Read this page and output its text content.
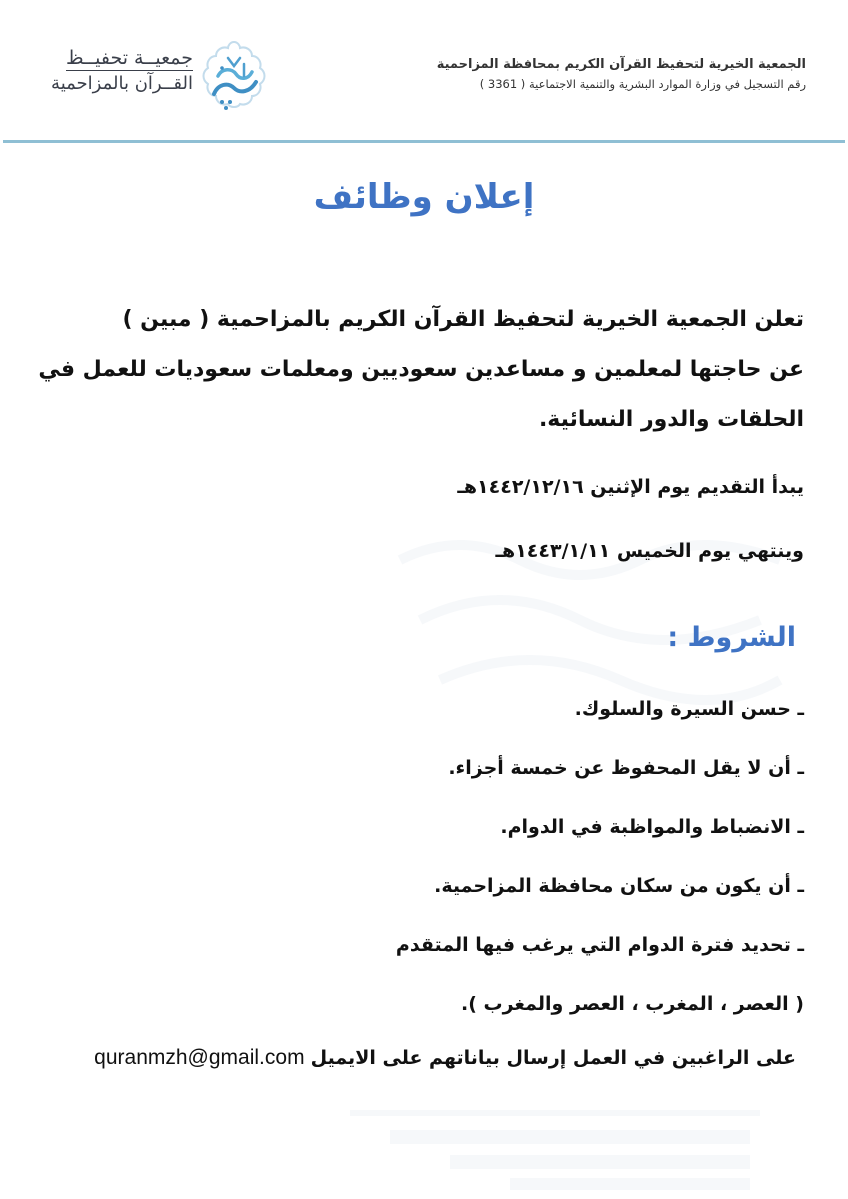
جمعيــة تحفيــظ
القــرآن بالمزاحمية
الجمعية الخيرية لتحفيظ القرآن الكريم بمحافظة المزاحمية
رقم التسجيل في وزارة الموارد البشرية والتنمية الاجتماعية ( 3361 )
إعلان وظائف
تعلن الجمعية الخيرية لتحفيظ القرآن الكريم بالمزاحمية ( مبين )
عن حاجتها لمعلمين و مساعدين سعوديين ومعلمات سعوديات للعمل في
الحلقات والدور النسائية.
يبدأ التقديم يوم الإثنين ١٤٤٢/١٢/١٦هـ
وينتهي يوم الخميس ١٤٤٣/١/١١هـ
الشروط :
ـ حسن السيرة والسلوك.
ـ أن لا يقل المحفوظ عن خمسة أجزاء.
ـ الانضباط والمواظبة في الدوام.
ـ أن يكون من سكان محافظة المزاحمية.
ـ تحديد فترة الدوام التي يرغب فيها المتقدم
( العصر ، المغرب ، العصر والمغرب ).
على الراغبين في العمل إرسال بياناتهم على الايميل quranmzh@gmail.com
